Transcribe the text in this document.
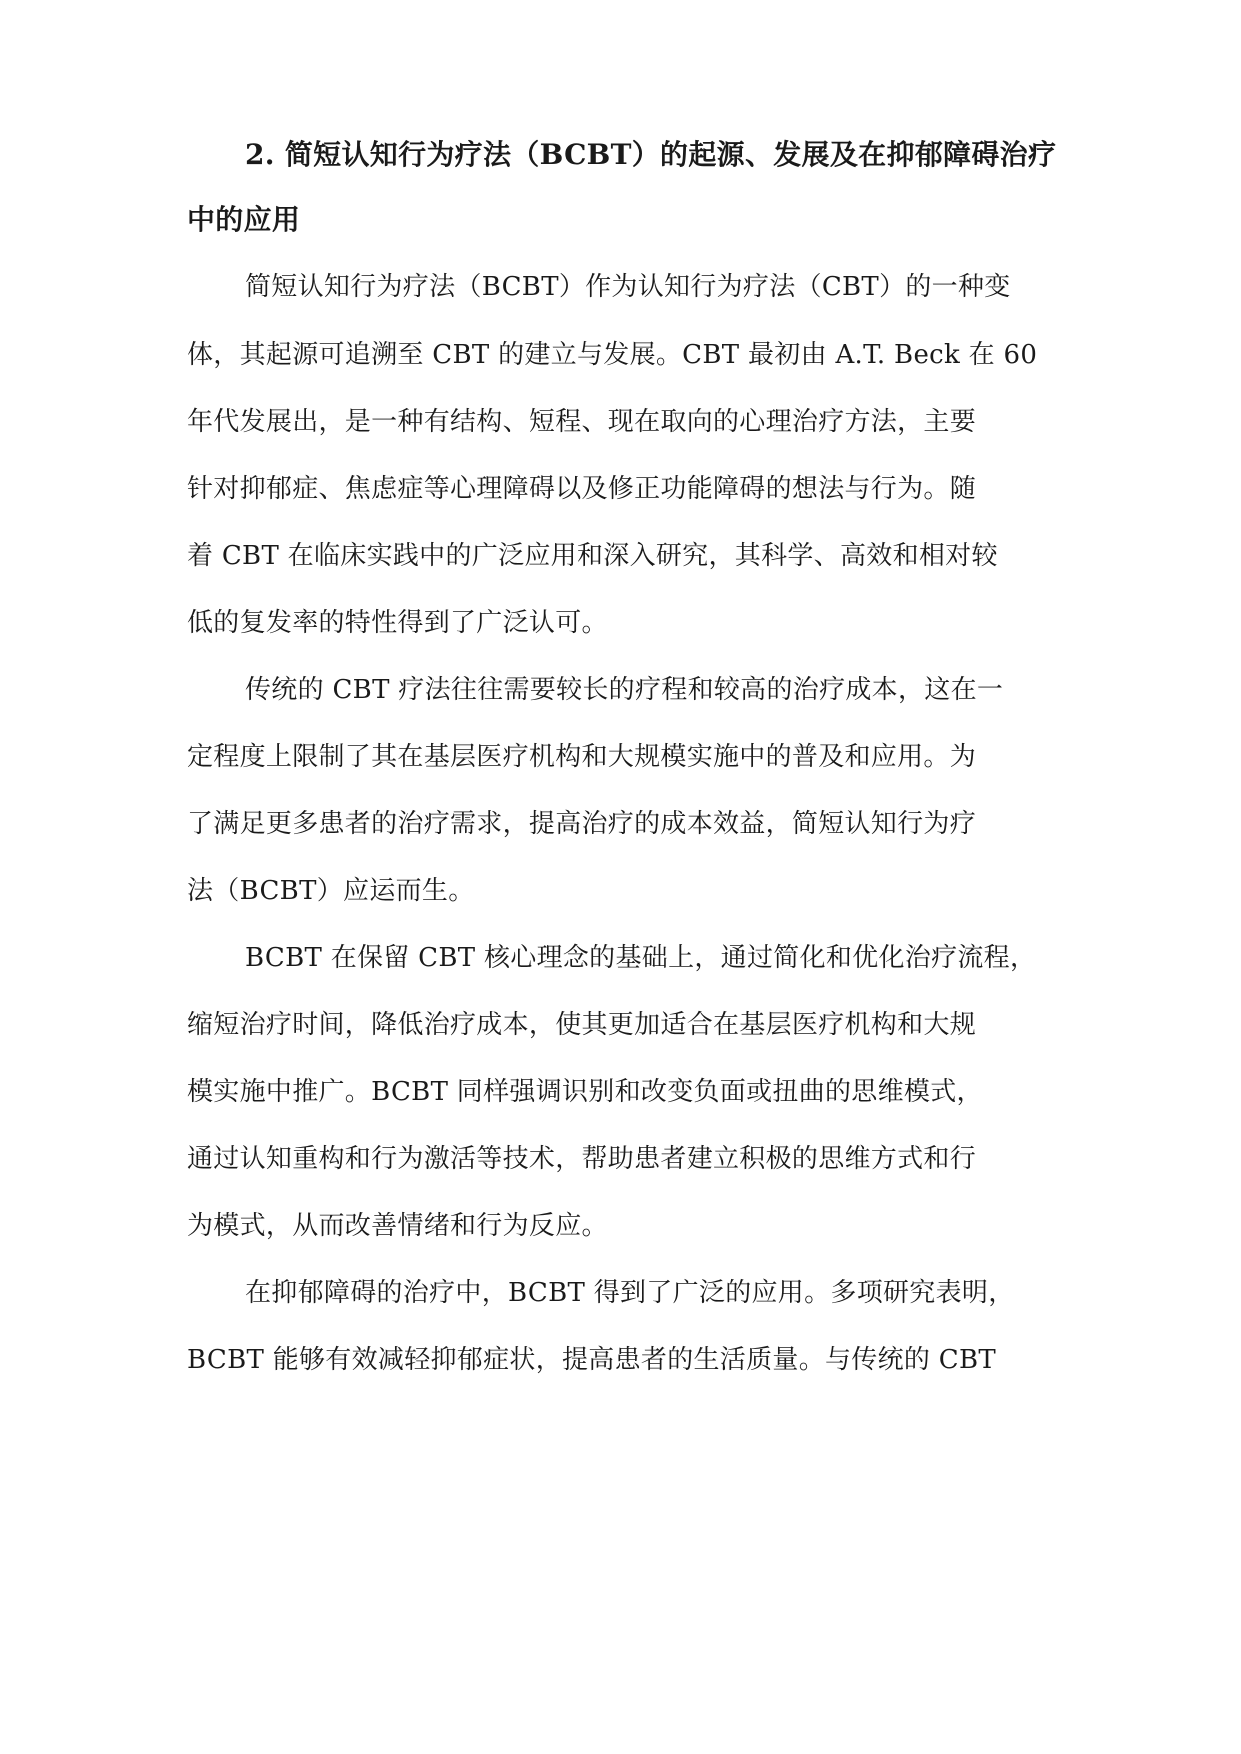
2. 简短认知行为疗法（BCBT）的起源、发展及在抑郁障碍治疗
中的应用
简短认知行为疗法（BCBT）作为认知行为疗法（CBT）的一种变
体，其起源可追溯至 CBT 的建立与发展。CBT 最初由 A.T. Beck 在 60
年代发展出，是一种有结构、短程、现在取向的心理治疗方法，主要
针对抑郁症、焦虑症等心理障碍以及修正功能障碍的想法与行为。随
着 CBT 在临床实践中的广泛应用和深入研究，其科学、高效和相对较
低的复发率的特性得到了广泛认可。
传统的 CBT 疗法往往需要较长的疗程和较高的治疗成本，这在一
定程度上限制了其在基层医疗机构和大规模实施中的普及和应用。为
了满足更多患者的治疗需求，提高治疗的成本效益，简短认知行为疗
法（BCBT）应运而生。
BCBT 在保留 CBT 核心理念的基础上，通过简化和优化治疗流程，
缩短治疗时间，降低治疗成本，使其更加适合在基层医疗机构和大规
模实施中推广。BCBT 同样强调识别和改变负面或扭曲的思维模式，
通过认知重构和行为激活等技术，帮助患者建立积极的思维方式和行
为模式，从而改善情绪和行为反应。
在抑郁障碍的治疗中，BCBT 得到了广泛的应用。多项研究表明，
BCBT 能够有效减轻抑郁症状，提高患者的生活质量。与传统的 CBT
